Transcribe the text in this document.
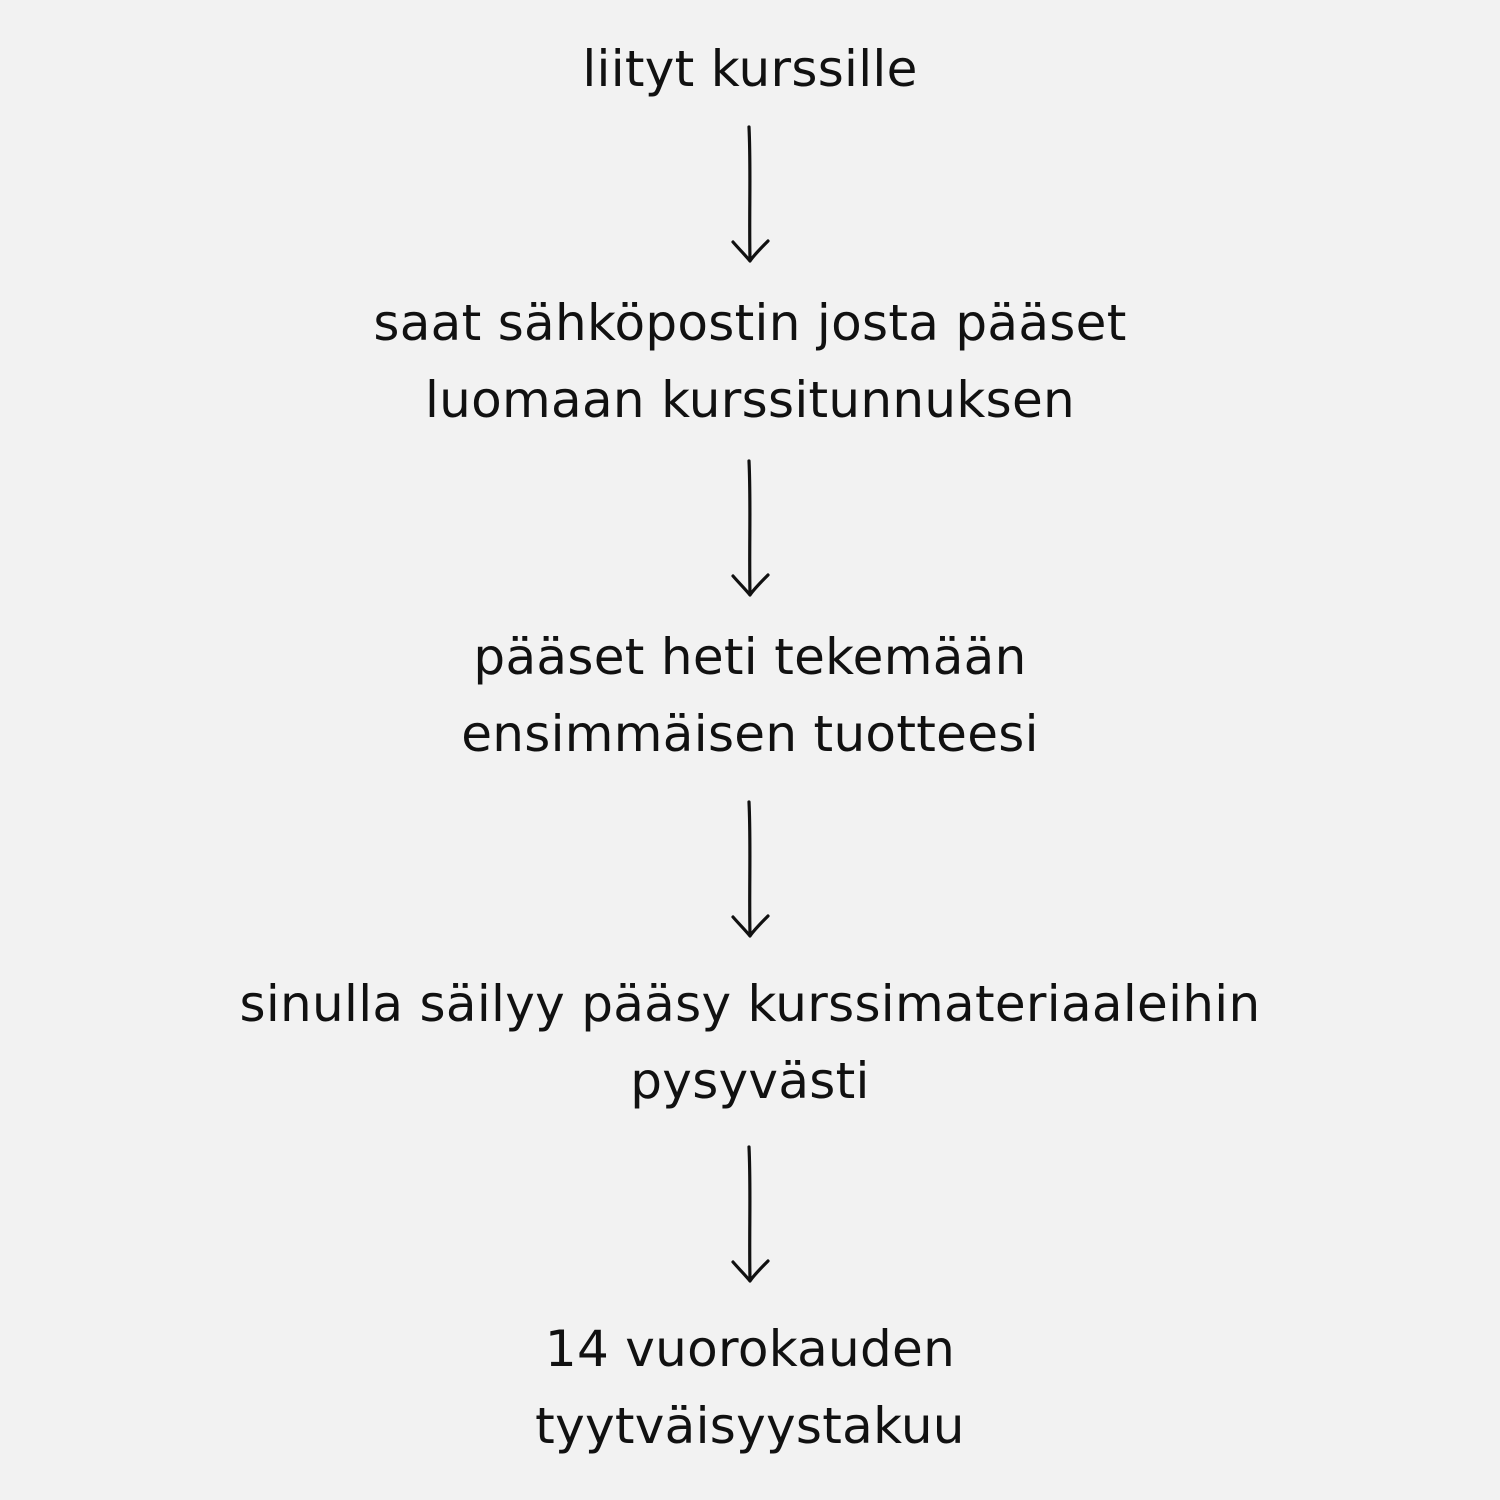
liityt kurssille
saat sähköpostin josta pääset
luomaan kurssitunnuksen
pääset heti tekemään
ensimmäisen tuotteesi
sinulla säilyy pääsy kurssimateriaaleihin
pysyvästi
14 vuorokauden
tyytväisyystakuu
